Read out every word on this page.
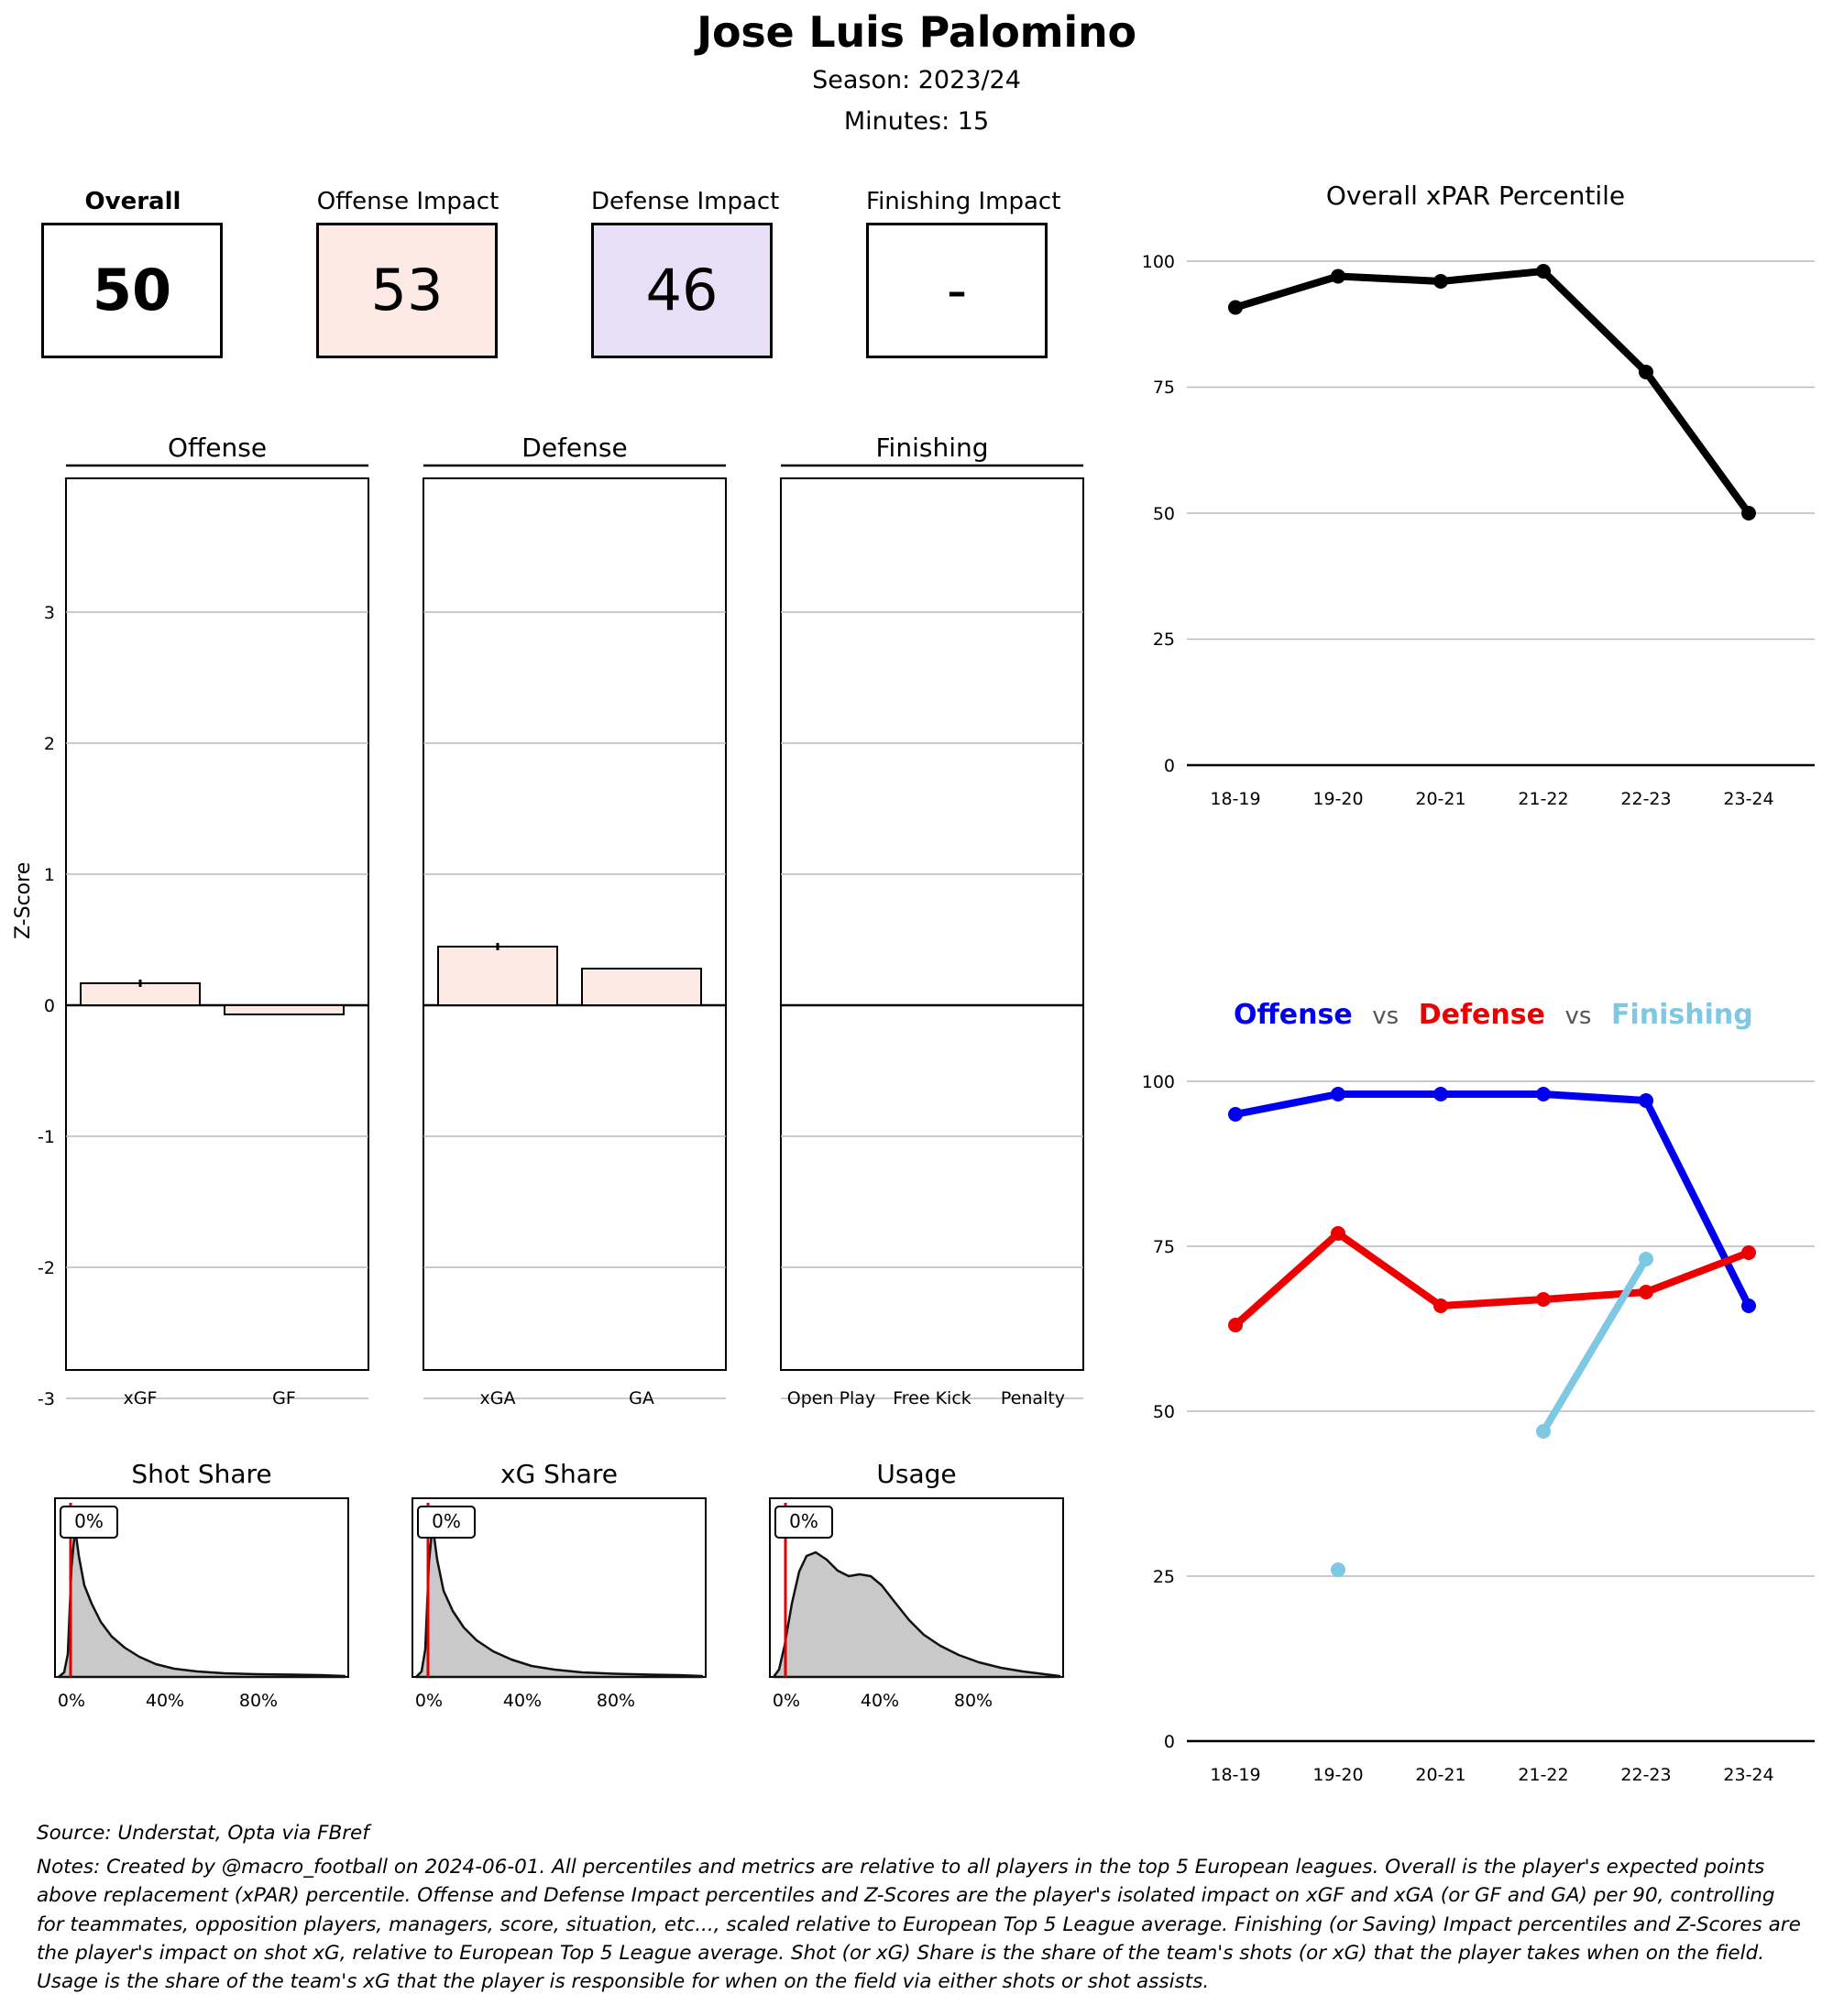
Jose Luis Palomino
Season: 2023/24
Minutes: 15
Overall
50
Offense Impact
53
Defense Impact
46
Finishing Impact
-
Z-Score
Offense
3
2
1
0
-1
-2
-3	xGF	GF
Defense
xGA	GA
Finishing
Open Play Free Kick Penalty
Overall xPAR Percentile
100
75
50
25
0
18-19	19-20	20-21	21-22	22-23	23-24
Offense vs Defense vs Finishing
100
75
50
25
0
18-19	19-20	20-21	21-22	22-23	23-24
Shot Share
0%
0%	40%	80%
xG Share
0%
0%	40%	80%
Usage
0%
0%	40%	80%
Source: Understat, Opta via FBref
Notes: Created by @macro_football on 2024-06-01. All percentiles and metrics are relative to all players in the top 5 European leagues. Overall is the player's expected points above replacement (xPAR) percentile. Offense and Defense Impact percentiles and Z-Scores are the player's isolated impact on xGF and xGA (or GF and GA) per 90, controlling for teammates, opposition players, managers, score, situation, etc..., scaled relative to European Top 5 League average. Finishing (or Saving) Impact percentiles and Z-Scores are the player's impact on shot xG, relative to European Top 5 League average. Shot (or xG) Share is the share of the team's shots (or xG) that the player takes when on the field. Usage is the share of the team's xG that the player is responsible for when on the field via either shots or shot assists.
